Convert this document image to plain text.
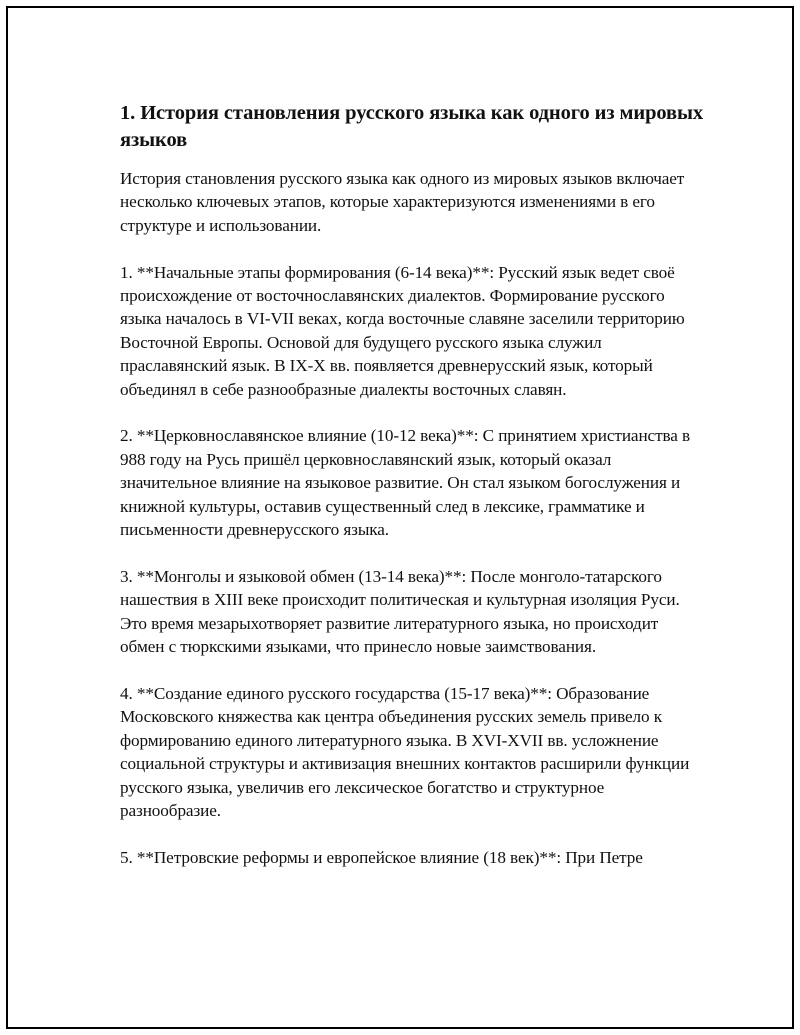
1. История становления русского языка как одного из мировых языков

История становления русского языка как одного из мировых языков включает несколько ключевых этапов, которые характеризуются изменениями в его структуре и использовании.

1. **Начальные этапы формирования (6-14 века)**: Русский язык ведет своё происхождение от восточнославянских диалектов. Формирование русского языка началось в VI-VII веках, когда восточные славяне заселили территорию Восточной Европы. Основой для будущего русского языка служил праславянский язык. В IX-X вв. появляется древнерусский язык, который объединял в себе разнообразные диалекты восточных славян.

2. **Церковнославянское влияние (10-12 века)**: С принятием христианства в 988 году на Русь пришёл церковнославянский язык, который оказал значительное влияние на языковое развитие. Он стал языком богослужения и книжной культуры, оставив существенный след в лексике, грамматике и письменности древнерусского языка.

3. **Монголы и языковой обмен (13-14 века)**: После монголо-татарского нашествия в XIII веке происходит политическая и культурная изоляция Руси. Это время мезарыхотворяет развитие литературного языка, но происходит обмен с тюркскими языками, что принесло новые заимствования.

4. **Создание единого русского государства (15-17 века)**: Образование Московского княжества как центра объединения русских земель привело к формированию единого литературного языка. В XVI-XVII вв. усложнение социальной структуры и активизация внешних контактов расширили функции русского языка, увеличив его лексическое богатство и структурное разнообразие.

5. **Петровские реформы и европейское влияние (18 век)**: При Петре
